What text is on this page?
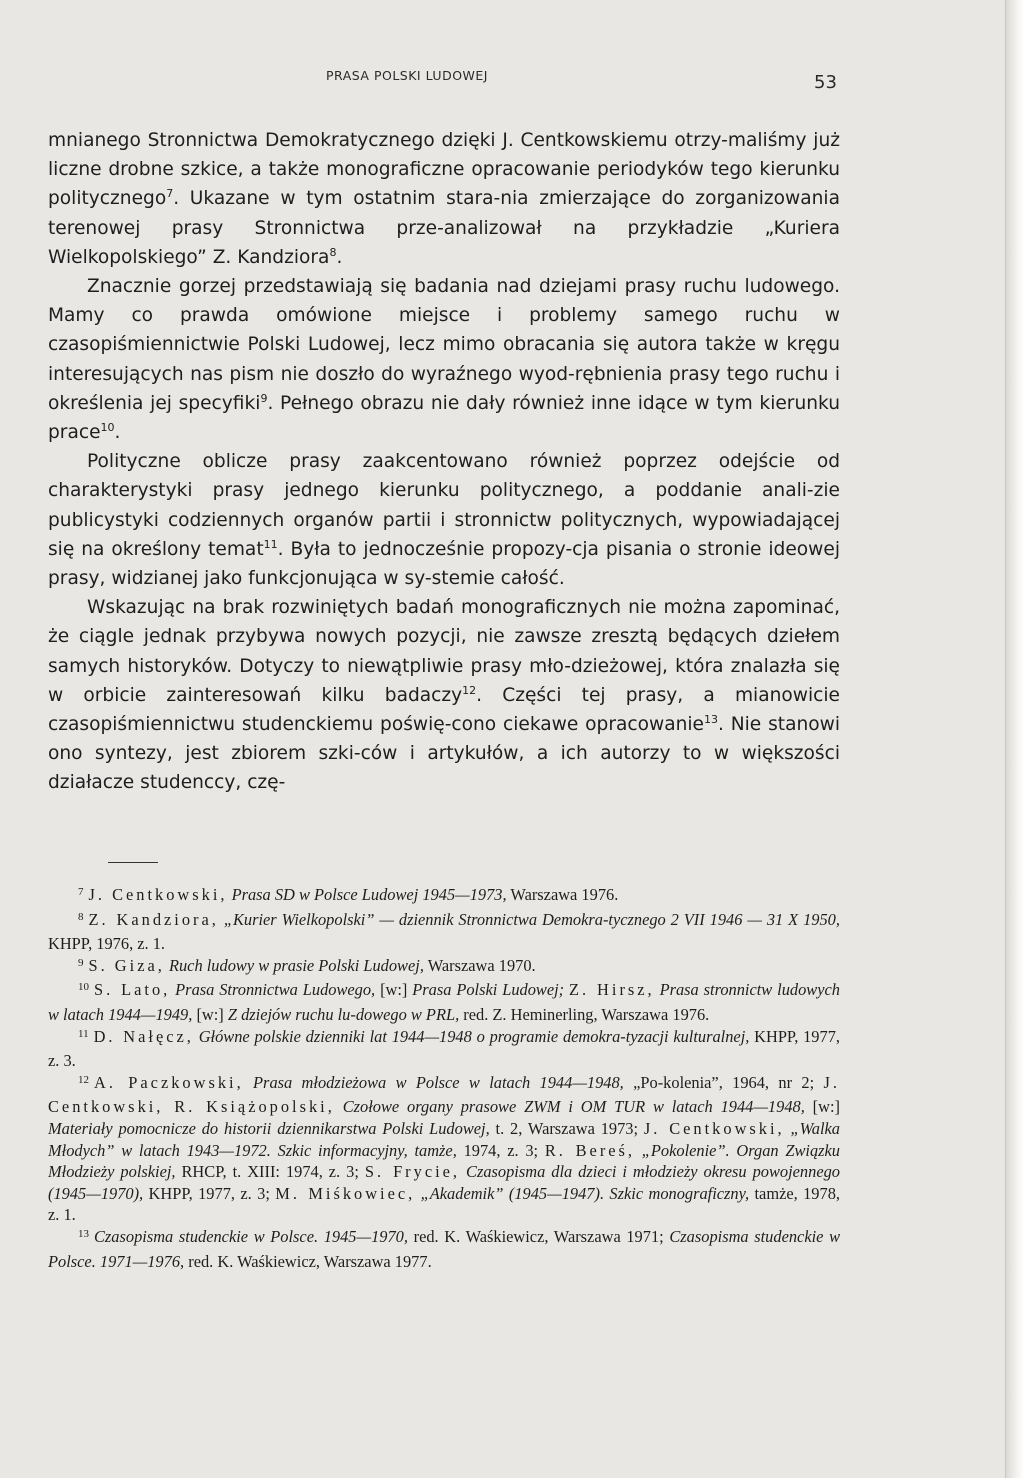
PRASA POLSKI LUDOWEJ	53

mnianego Stronnictwa Demokratycznego dzięki J. Centkowskiemu otrzy-maliśmy już liczne drobne szkice, a także monograficzne opracowanie periodyków tego kierunku politycznego$^7$. Ukazane w tym ostatnim stara-nia zmierzające do zorganizowania terenowej prasy Stronnictwa prze-analizował na przykładzie „Kuriera Wielkopolskiego” Z. Kandziora$^8$.

Znacznie gorzej przedstawiają się badania nad dziejami prasy ruchu ludowego. Mamy co prawda omówione miejsce i problemy samego ruchu w czasopiśmiennictwie Polski Ludowej, lecz mimo obracania się autora także w kręgu interesujących nas pism nie doszło do wyraźnego wyod-rębnienia prasy tego ruchu i określenia jej specyfiki$^9$. Pełnego obrazu nie dały również inne idące w tym kierunku prace$^{10}$.

Polityczne oblicze prasy zaakcentowano również poprzez odejście od charakterystyki prasy jednego kierunku politycznego, a poddanie anali-zie publicystyki codziennych organów partii i stronnictw politycznych, wypowiadającej się na określony temat$^{11}$. Była to jednocześnie propozy-cja pisania o stronie ideowej prasy, widzianej jako funkcjonująca w sy-stemie całość.

Wskazując na brak rozwiniętych badań monograficznych nie można zapominać, że ciągle jednak przybywa nowych pozycji, nie zawsze zresztą będących dziełem samych historyków. Dotyczy to niewątpliwie prasy mło-dzieżowej, która znalazła się w orbicie zainteresowań kilku badaczy$^{12}$. Części tej prasy, a mianowicie czasopiśmiennictwu studenckiemu poświę-cono ciekawe opracowanie$^{13}$. Nie stanowi ono syntezy, jest zbiorem szki-ców i artykułów, a ich autorzy to w większości działacze studenccy, czę-

$^7$ J. Centkowski, Prasa SD w Polsce Ludowej 1945—1973, Warszawa 1976.

$^8$ Z. Kandziora, „Kurier Wielkopolski” — dziennik Stronnictwa Demokra-tycznego 2 VII 1946 — 31 X 1950, KHPP, 1976, z. 1.

$^9$ S. Giza, Ruch ludowy w prasie Polski Ludowej, Warszawa 1970.

$^{10}$ S. Lato, Prasa Stronnictwa Ludowego, [w:] Prasa Polski Ludowej; Z. Hirsz, Prasa stronnictw ludowych w latach 1944—1949, [w:] Z dziejów ruchu lu-dowego w PRL, red. Z. Heminerling, Warszawa 1976.

$^{11}$ D. Nałęcz, Główne polskie dzienniki lat 1944—1948 o programie demokra-tyzacji kulturalnej, KHPP, 1977, z. 3.

$^{12}$ A. Paczkowski, Prasa młodzieżowa w Polsce w latach 1944—1948, „Po-kolenia”, 1964, nr 2; J. Centkowski, R. Książopolski, Czołowe organy prasowe ZWM i OM TUR w latach 1944—1948, [w:] Materiały pomocnicze do historii dziennikarstwa Polski Ludowej, t. 2, Warszawa 1973; J. Centkowski, „Walka Młodych” w latach 1943—1972. Szkic informacyjny, tamże, 1974, z. 3; R. Bereś, „Pokolenie”. Organ Związku Młodzieży polskiej, RHCP, t. XIII: 1974, z. 3; S. Frycie, Czasopisma dla dzieci i młodzieży okresu powojennego (1945—1970), KHPP, 1977, z. 3; M. Miśkowiec, „Akademik” (1945—1947). Szkic monograficzny, tamże, 1978, z. 1.

$^{13}$ Czasopisma studenckie w Polsce. 1945—1970, red. K. Waśkiewicz, Warszawa 1971; Czasopisma studenckie w Polsce. 1971—1976, red. K. Waśkiewicz, Warszawa 1977.
